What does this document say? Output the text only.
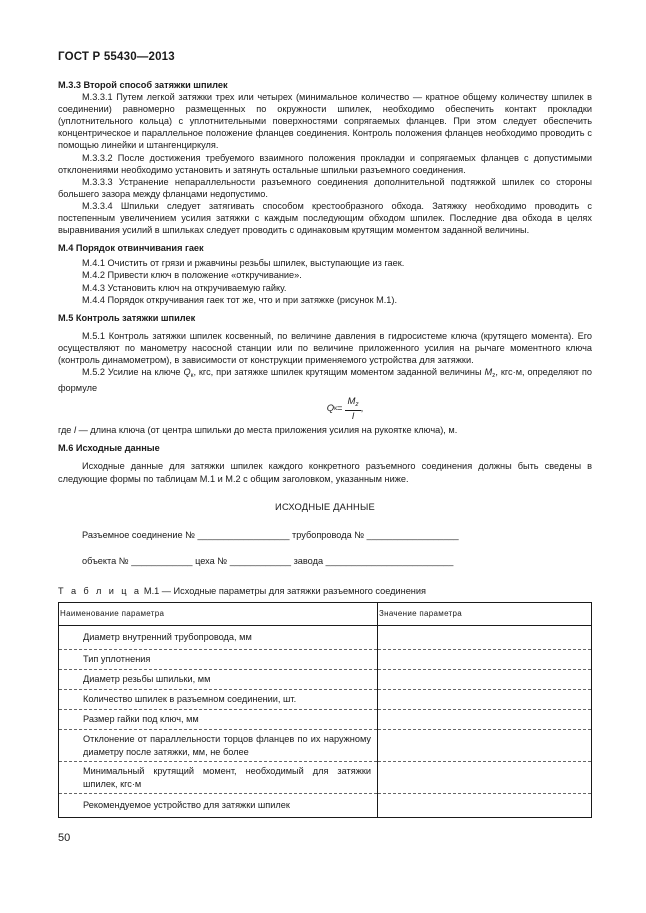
ГОСТ Р 55430—2013

М.3.3 Второй способ затяжки шпилек

М.3.3.1 Путем легкой затяжки трех или четырех (минимальное количество — кратное общему количеству шпилек в соединении) равномерно размещенных по окружности шпилек, необходимо обеспечить контакт прокладки (уплотнительного кольца) с уплотнительными поверхностями сопрягаемых фланцев. При этом следует обеспечить концентрическое и параллельное положение фланцев соединения. Контроль положения фланцев необходимо проводить с помощью линейки и штангенциркуля.

М.3.3.2 После достижения требуемого взаимного положения прокладки и сопрягаемых фланцев с допустимыми отклонениями необходимо установить и затянуть остальные шпильки разъемного соединения.

М.3.3.3 Устранение непараллельности разъемного соединения дополнительной подтяжкой шпилек со стороны большего зазора между фланцами недопустимо.

М.3.3.4 Шпильки следует затягивать способом крестообразного обхода. Затяжку необходимо проводить с постепенным увеличением усилия затяжки с каждым последующим обходом шпилек. Последние два обхода в целях выравнивания усилий в шпильках следует проводить с одинаковым крутящим моментом заданной величины.

М.4 Порядок отвинчивания гаек

М.4.1 Очистить от грязи и ржавчины резьбы шпилек, выступающие из гаек.

М.4.2 Привести ключ в положение «откручивание».

М.4.3 Установить ключ на откручиваемую гайку.

М.4.4 Порядок откручивания гаек тот же, что и при затяжке (рисунок М.1).

М.5 Контроль затяжки шпилек

М.5.1 Контроль затяжки шпилек косвенный, по величине давления в гидросистеме ключа (крутящего момента). Его осуществляют по манометру насосной станции или по величине приложенного усилия на рычаге моментного ключа (контроль динамометром), в зависимости от конструкции применяемого устройства для затяжки.

М.5.2 Усилие на ключе $Q_к$, кгс, при затяжке шпилек крутящим моментом заданной величины $M_z$, кгс·м, определяют по формуле

Q $к = \frac{M_z}{l}$ ,

где l — длина ключа (от центра шпильки до места приложения усилия на рукоятке ключа), м.

М.6 Исходные данные

Исходные данные для затяжки шпилек каждого конкретного разъемного соединения должны быть сведены в следующие формы по таблицам М.1 и М.2 с общим заголовком, указанным ниже.

ИСХОДНЫЕ ДАННЫЕ
Разъемное соединение № __________________ трубопровода № __________________
объекта № ____________ цеха № ____________ завода _________________________
Т а б л и ц а М.1 — Исходные параметры для затяжки разъемного соединения
Наименование параметра	Значение параметра
Диаметр внутренний трубопровода, мм	
Тип уплотнения	
Диаметр резьбы шпильки, мм	
Количество шпилек в разъемном соединении, шт.	
Размер гайки под ключ, мм	
Отклонение от параллельности торцов фланцев по их наружному диаметру после затяжки, мм, не более	
Минимальный крутящий момент, необходимый для затяжки шпилек, кгс·м	
Рекомендуемое устройство для затяжки шпилек	
50
